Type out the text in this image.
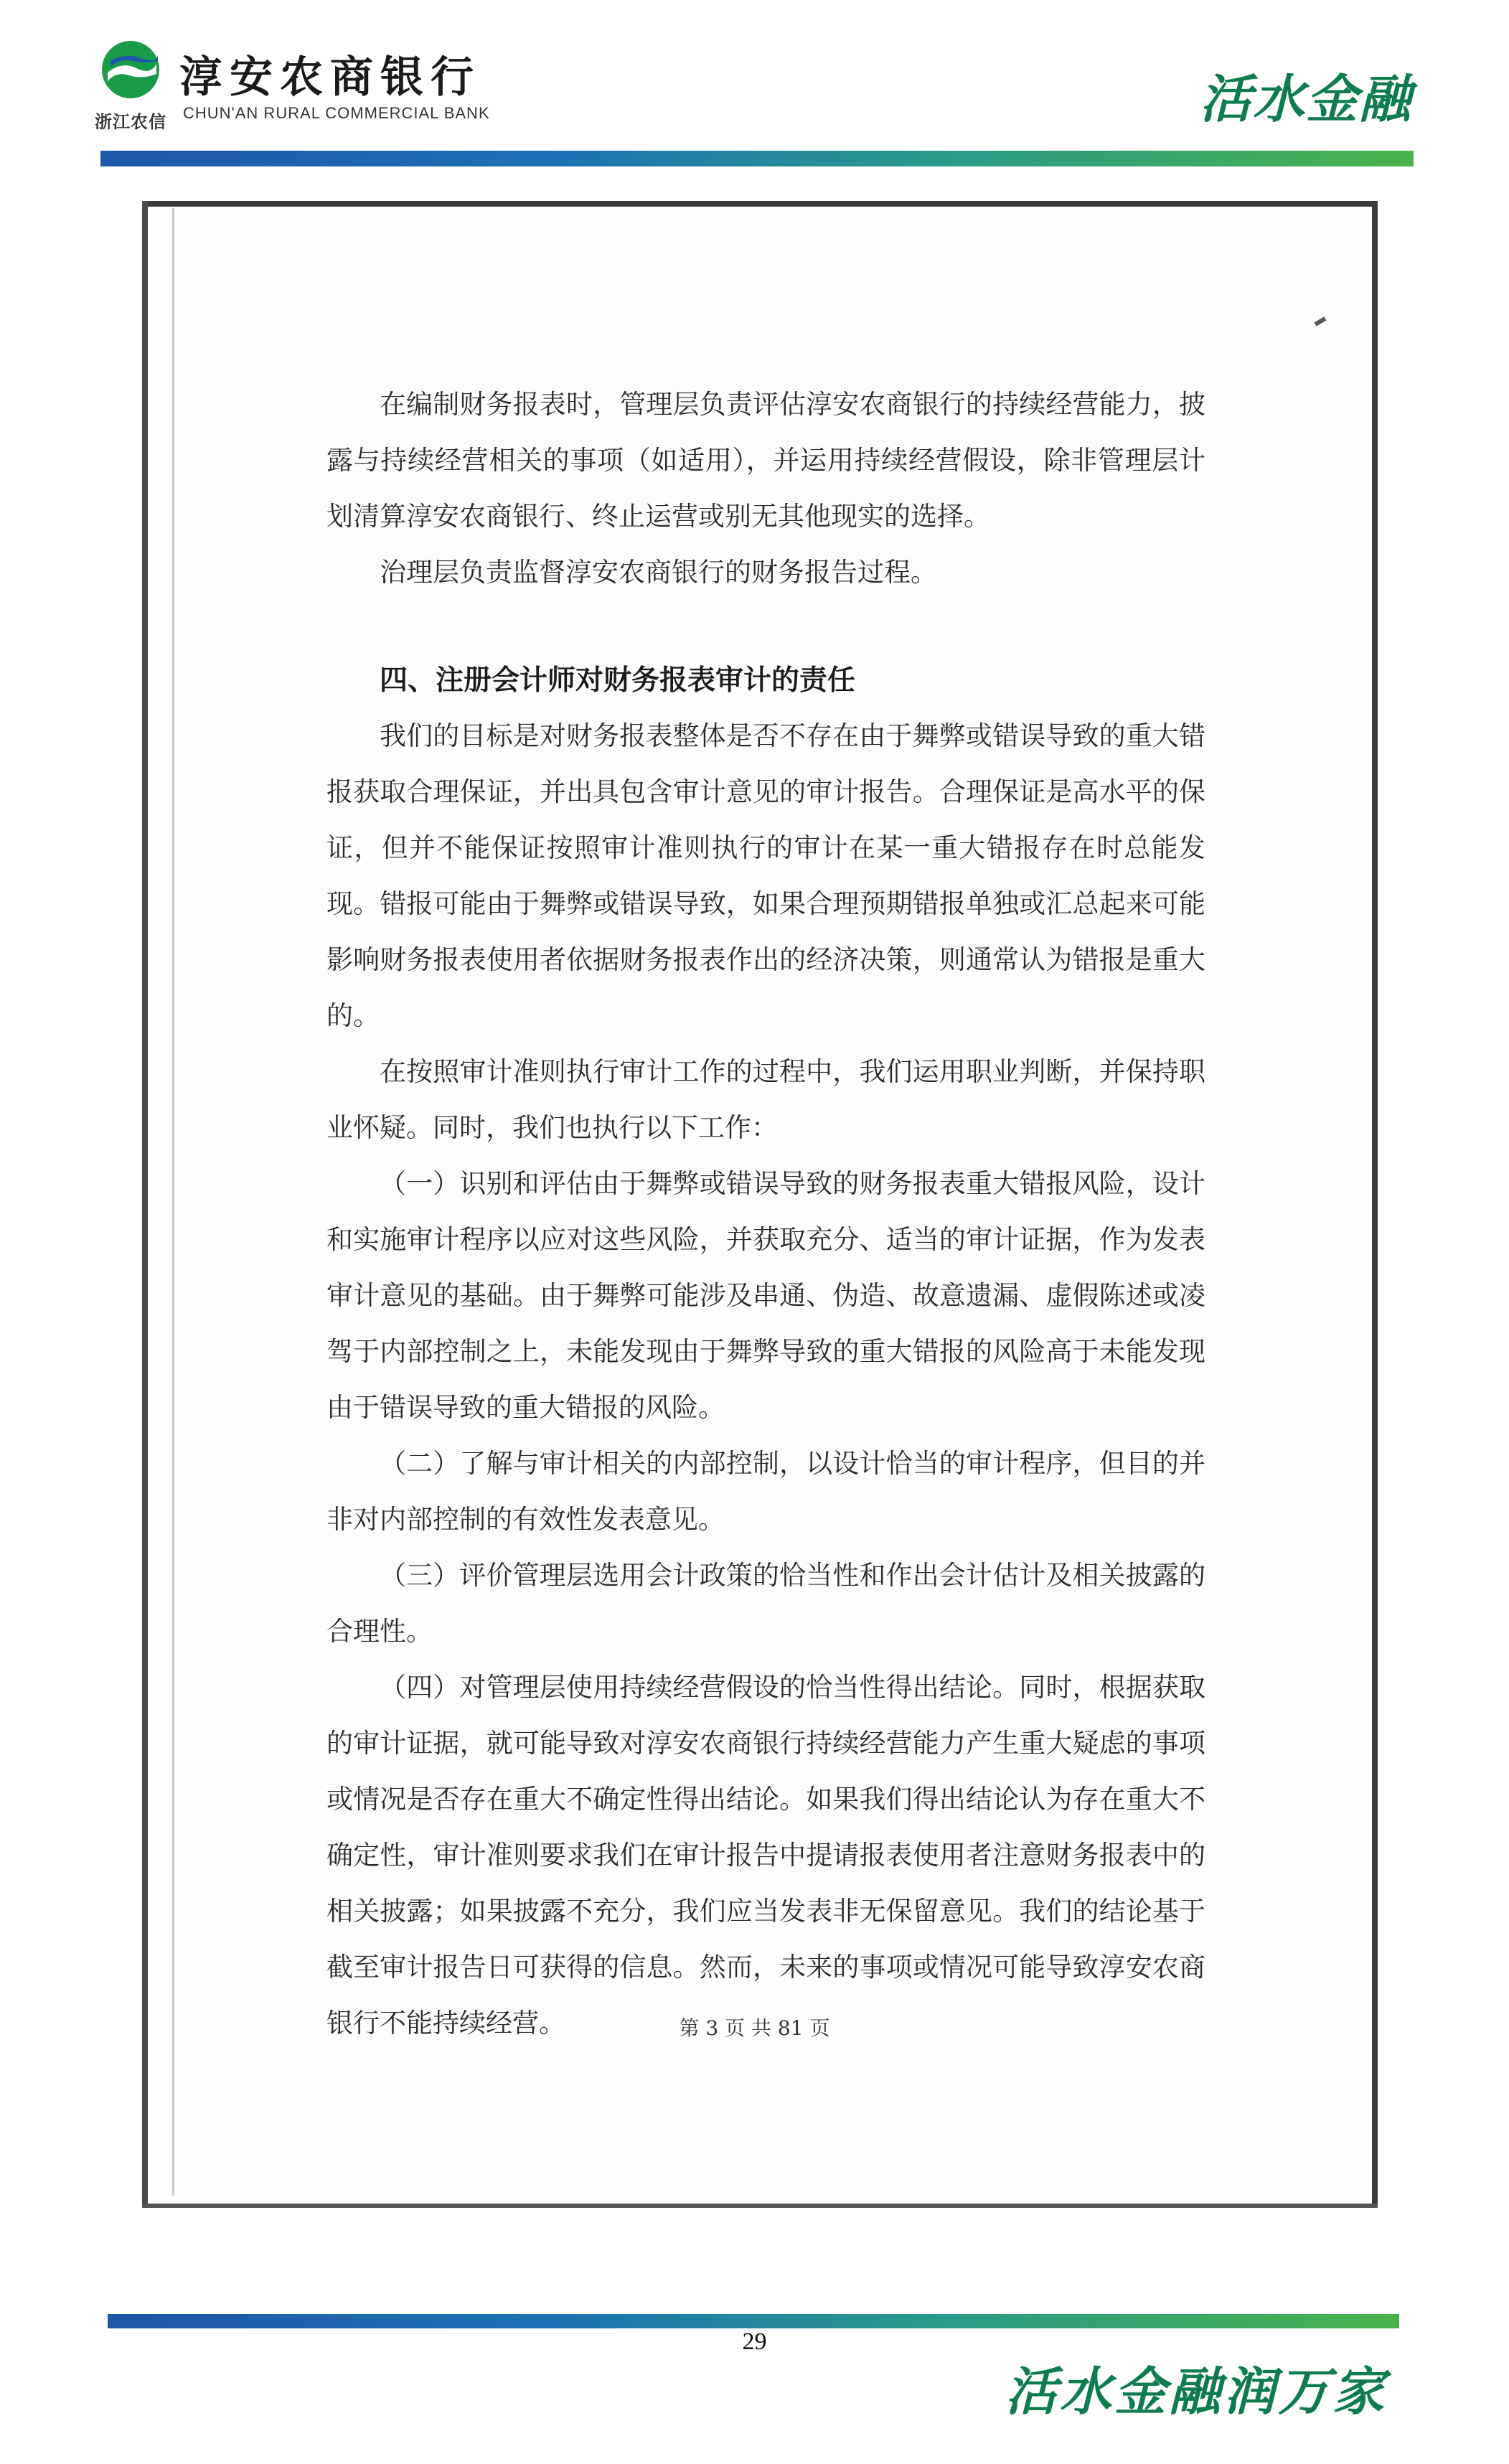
浙江农信
淳安农商银行
CHUN'AN RURAL COMMERCIAL BANK	活水金融

在编制财务报表时，管理层负责评估淳安农商银行的持续经营能力，披露与持续经营相关的事项（如适用），并运用持续经营假设，除非管理层计划清算淳安农商银行、终止运营或别无其他现实的选择。

治理层负责监督淳安农商银行的财务报告过程。

四、注册会计师对财务报表审计的责任

我们的目标是对财务报表整体是否不存在由于舞弊或错误导致的重大错报获取合理保证，并出具包含审计意见的审计报告。合理保证是高水平的保证，但并不能保证按照审计准则执行的审计在某一重大错报存在时总能发现。错报可能由于舞弊或错误导致，如果合理预期错报单独或汇总起来可能影响财务报表使用者依据财务报表作出的经济决策，则通常认为错报是重大的。

在按照审计准则执行审计工作的过程中，我们运用职业判断，并保持职业怀疑。同时，我们也执行以下工作：

（一）识别和评估由于舞弊或错误导致的财务报表重大错报风险，设计和实施审计程序以应对这些风险，并获取充分、适当的审计证据，作为发表审计意见的基础。由于舞弊可能涉及串通、伪造、故意遗漏、虚假陈述或凌驾于内部控制之上，未能发现由于舞弊导致的重大错报的风险高于未能发现由于错误导致的重大错报的风险。

（二）了解与审计相关的内部控制，以设计恰当的审计程序，但目的并非对内部控制的有效性发表意见。

（三）评价管理层选用会计政策的恰当性和作出会计估计及相关披露的合理性。

（四）对管理层使用持续经营假设的恰当性得出结论。同时，根据获取的审计证据，就可能导致对淳安农商银行持续经营能力产生重大疑虑的事项或情况是否存在重大不确定性得出结论。如果我们得出结论认为存在重大不确定性，审计准则要求我们在审计报告中提请报表使用者注意财务报表中的相关披露；如果披露不充分，我们应当发表非无保留意见。我们的结论基于截至审计报告日可获得的信息。然而，未来的事项或情况可能导致淳安农商银行不能持续经营。	第 3 页 共 81 页
29
活水金融润万家
